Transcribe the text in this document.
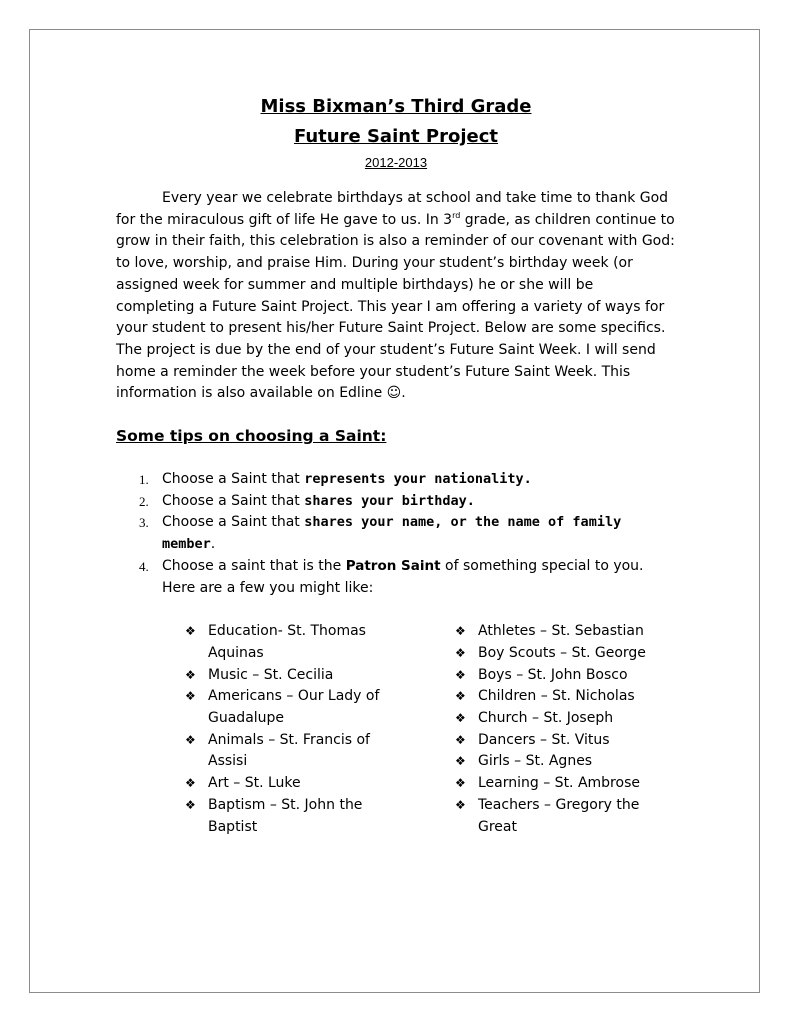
Miss Bixman’s Third Grade
Future Saint Project

2012-2013

Every year we celebrate birthdays at school and take time to thank God for the miraculous gift of life He gave to us. In 3rd grade, as children continue to grow in their faith, this celebration is also a reminder of our covenant with God: to love, worship, and praise Him. During your student’s birthday week (or assigned week for summer and multiple birthdays) he or she will be completing a Future Saint Project. This year I am offering a variety of ways for your student to present his/her Future Saint Project. Below are some specifics. The project is due by the end of your student’s Future Saint Week. I will send home a reminder the week before your student’s Future Saint Week. This information is also available on Edline ☺.

Some tips on choosing a Saint:
1. Choose a Saint that represents your nationality.
2. Choose a Saint that shares your birthday.
3. Choose a Saint that shares your name, or the name of family member.
4. Choose a saint that is the Patron Saint of something special to you. Here are a few you might like:
❖ Education- St. Thomas Aquinas
❖ Music – St. Cecilia
❖ Americans – Our Lady of Guadalupe
❖ Animals – St. Francis of Assisi
❖ Art – St. Luke
❖ Baptism – St. John the Baptist
❖ Athletes – St. Sebastian
❖ Boy Scouts – St. George
❖ Boys – St. John Bosco
❖ Children – St. Nicholas
❖ Church – St. Joseph
❖ Dancers – St. Vitus
❖ Girls – St. Agnes
❖ Learning – St. Ambrose
❖ Teachers – Gregory the Great
